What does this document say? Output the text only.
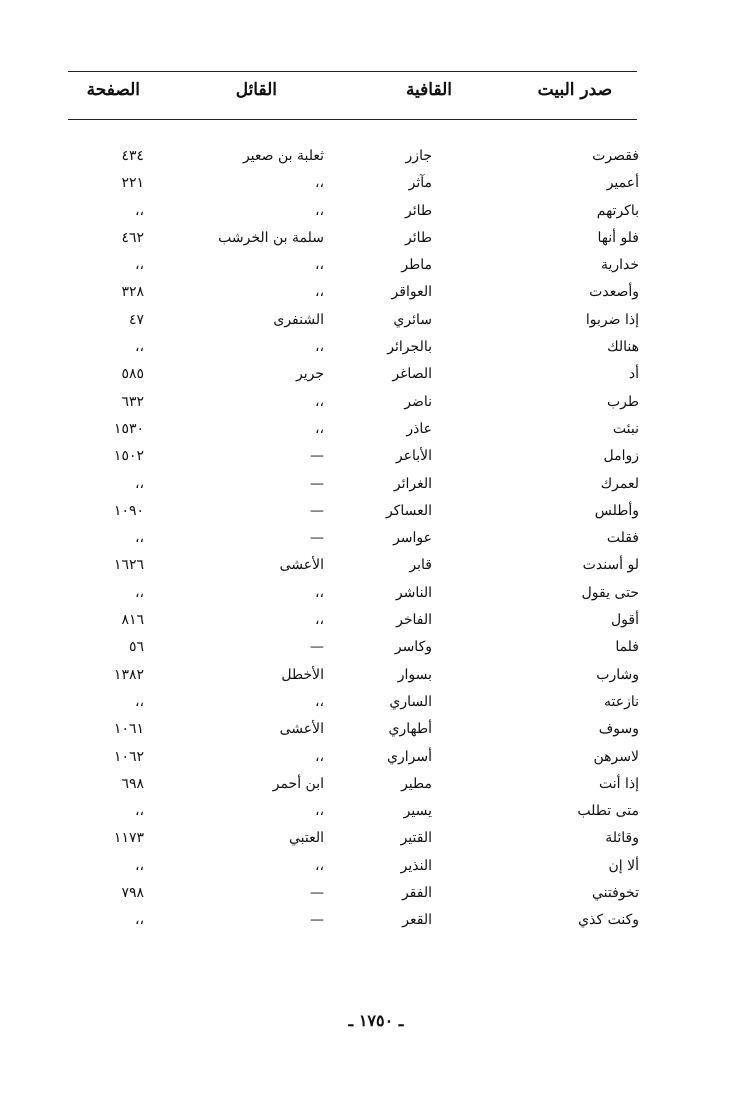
صدر البيت
القافية
القائل
الصفحة
فقصرت
جازر
ثعلبة بن صعير
٤٣٤
أعمير
مآثر
،،
٢٢١
باكرتهم
طائر
،،
،،
فلو أنها
طائر
سلمة بن الخرشب
٤٦٢
خدارية
ماطر
،،
،،
وأصعدت
العواقر
،،
٣٢٨
إذا ضربوا
سائري
الشنفرى
٤٧
هنالك
بالجرائر
،،
،،
أد
الصاغر
جرير
٥٨٥
طرب
ناضر
،،
٦٣٢
نبئت
عاذر
،،
١٥٣٠
زوامل
الأباعر
—
١٥٠٢
لعمرك
الغرائر
—
،،
وأطلس
العساكر
—
١٠٩٠
فقلت
عواسر
—
،،
لو أسندت
قابر
الأعشى
١٦٢٦
حتى يقول
الناشر
،،
،،
أقول
الفاخر
،،
٨١٦
فلما
وكاسر
—
٥٦
وشارب
بسوار
الأخطل
١٣٨٢
نازعته
الساري
،،
،،
وسوف
أطهاري
الأعشى
١٠٦١
لاسرهن
أسراري
،،
١٠٦٢
إذا أنت
مطير
ابن أحمر
٦٩٨
متى تطلب
يسير
،،
،،
وقائلة
القتير
العتبي
١١٧٣
ألا إن
النذير
،،
،،
تخوفتني
الفقر
—
٧٩٨
وكنت كذي
القعر
—
،،
ـ ١٧٥٠ ـ
